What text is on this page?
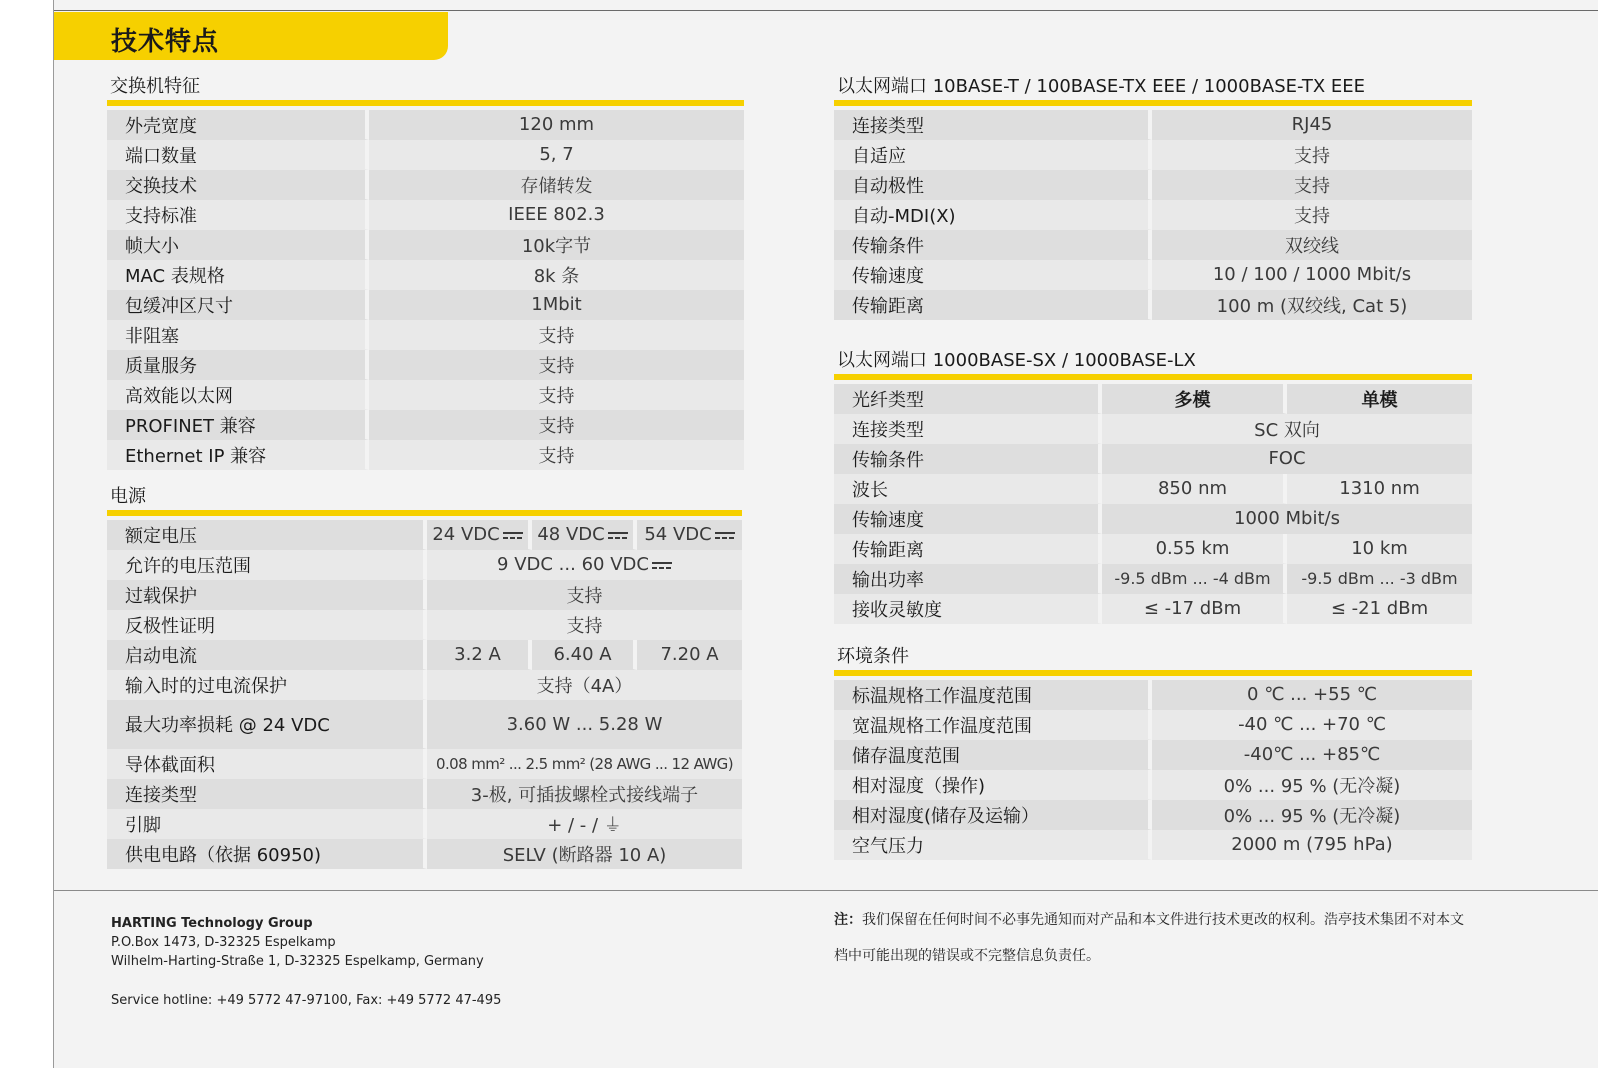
技术特点
交换机特征
外壳宽度	120 mm
端口数量	5, 7
交换技术	存储转发
支持标准	IEEE 802.3
帧大小	10k字节
MAC 表规格	8k 条
包缓冲区尺寸	1Mbit
非阻塞	支持
质量服务	支持
高效能以太网	支持
PROFINET 兼容	支持
Ethernet IP 兼容	支持
电源
额定电压	24 VDC	48 VDC	54 VDC
允许的电压范围	9 VDC ... 60 VDC		
过载保护	支持		
反极性证明	支持		
启动电流	3.2 A	6.40 A	7.20 A
输入时的过电流保护	支持（4A）		
最大功率损耗 @ 24 VDC	3.60 W ... 5.28 W		
导体截面积	0.08 mm² ... 2.5 mm² (28 AWG ... 12 AWG)		
连接类型	3-极, 可插拔螺栓式接线端子		
引脚	+ / - / ⏚		
供电电路（依据 60950)	SELV (断路器 10 A)		
以太网端口 10BASE-T / 100BASE-TX EEE / 1000BASE-TX EEE
连接类型	RJ45
自适应	支持
自动极性	支持
自动-MDI(X)	支持
传输条件	双绞线
传输速度	10 / 100 / 1000 Mbit/s
传输距离	100 m (双绞线, Cat 5)
以太网端口 1000BASE-SX / 1000BASE-LX
光纤类型	多模	单模
连接类型	SC 双向	
传输条件	FOC	
波长	850 nm	1310 nm
传输速度	1000 Mbit/s	
传输距离	0.55 km	10 km
输出功率	-9.5 dBm ... -4 dBm	-9.5 dBm ... -3 dBm
接收灵敏度	≤ -17 dBm	≤ -21 dBm
环境条件
标温规格工作温度范围	0 ℃ ... +55 ℃
宽温规格工作温度范围	-40 ℃ ... +70 ℃
储存温度范围	-40℃ ... +85℃
相对湿度（操作)	0% ... 95 % (无冷凝)
相对湿度(储存及运输）	0% ... 95 % (无冷凝)
空气压力	2000 m (795 hPa)
HARTING Technology Group
P.O.Box 1473, D-32325 Espelkamp
Wilhelm-Harting-Straße 1, D-32325 Espelkamp, Germany
Service hotline: +49 5772 47-97100, Fax: +49 5772 47-495
注：我们保留在任何时间不必事先通知而对产品和本文件进行技术更改的权利。浩亭技术集团不对本文档中可能出现的错误或不完整信息负责任。
